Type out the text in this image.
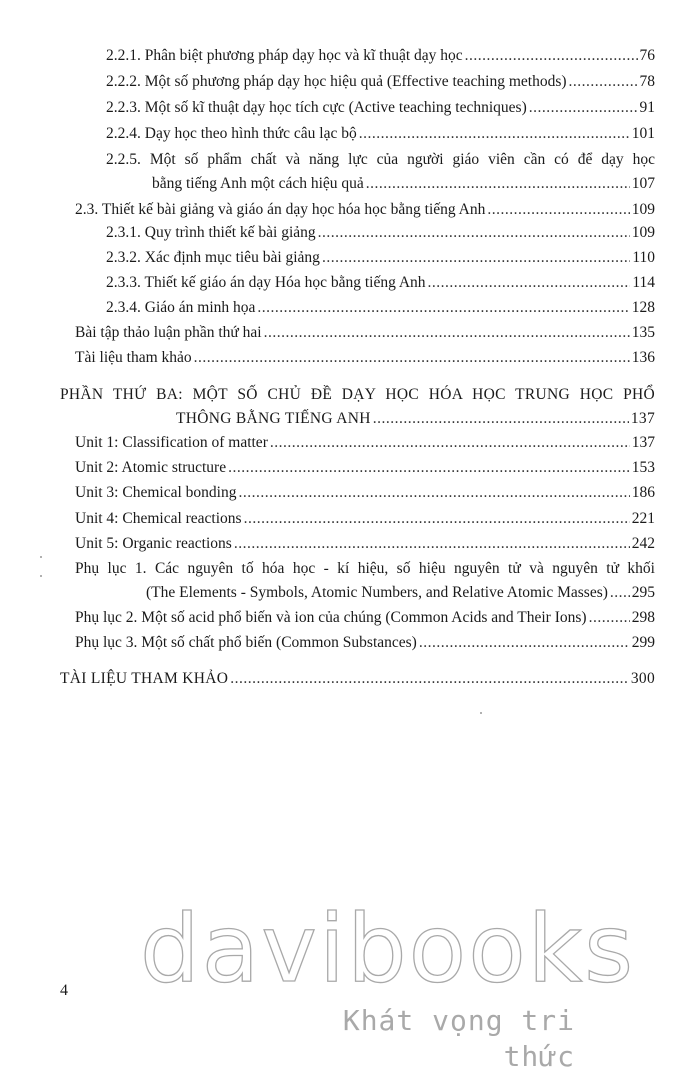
2.2.1. Phân biệt phương pháp dạy học và kĩ thuật dạy học .....	76
2.2.2. Một số phương pháp dạy học hiệu quả (Effective teaching methods) .....	78
2.2.3. Một số kĩ thuật dạy học tích cực (Active teaching techniques) .....	91
2.2.4. Dạy học theo hình thức câu lạc bộ .....	101
2.2.5. Một số phẩm chất và năng lực của người giáo viên cần có để dạy học
bằng tiếng Anh một cách hiệu quả .....	107
2.3. Thiết kế bài giảng và giáo án dạy học hóa học bằng tiếng Anh .....	109
2.3.1. Quy trình thiết kế bài giảng .....	109
2.3.2. Xác định mục tiêu bài giảng .....	110
2.3.3. Thiết kế giáo án dạy Hóa học bằng tiếng Anh .....	114
2.3.4. Giáo án minh họa .....	128
Bài tập thảo luận phần thứ hai .....	135
Tài liệu tham khảo .....	136
PHẦN THỨ BA: MỘT SỐ CHỦ ĐỀ DẠY HỌC HÓA HỌC TRUNG HỌC PHỔ
THÔNG BẰNG TIẾNG ANH .....	137
Unit 1: Classification of matter .....	137
Unit 2: Atomic structure .....	153
Unit 3: Chemical bonding .....	186
Unit 4: Chemical reactions .....	221
Unit 5: Organic reactions .....	242
Phụ lục 1. Các nguyên tố hóa học - kí hiệu, số hiệu nguyên tử và nguyên tử khối
(The Elements - Symbols, Atomic Numbers, and Relative Atomic Masses) ..... 295
Phụ lục 2. Một số acid phổ biến và ion của chúng (Common Acids and Their Ions) .....	298
Phụ lục 3. Một số chất phổ biến (Common Substances) .....	299
TÀI LIỆU THAM KHẢO .....	300
4 davibooks
Khát vọng tri thức
